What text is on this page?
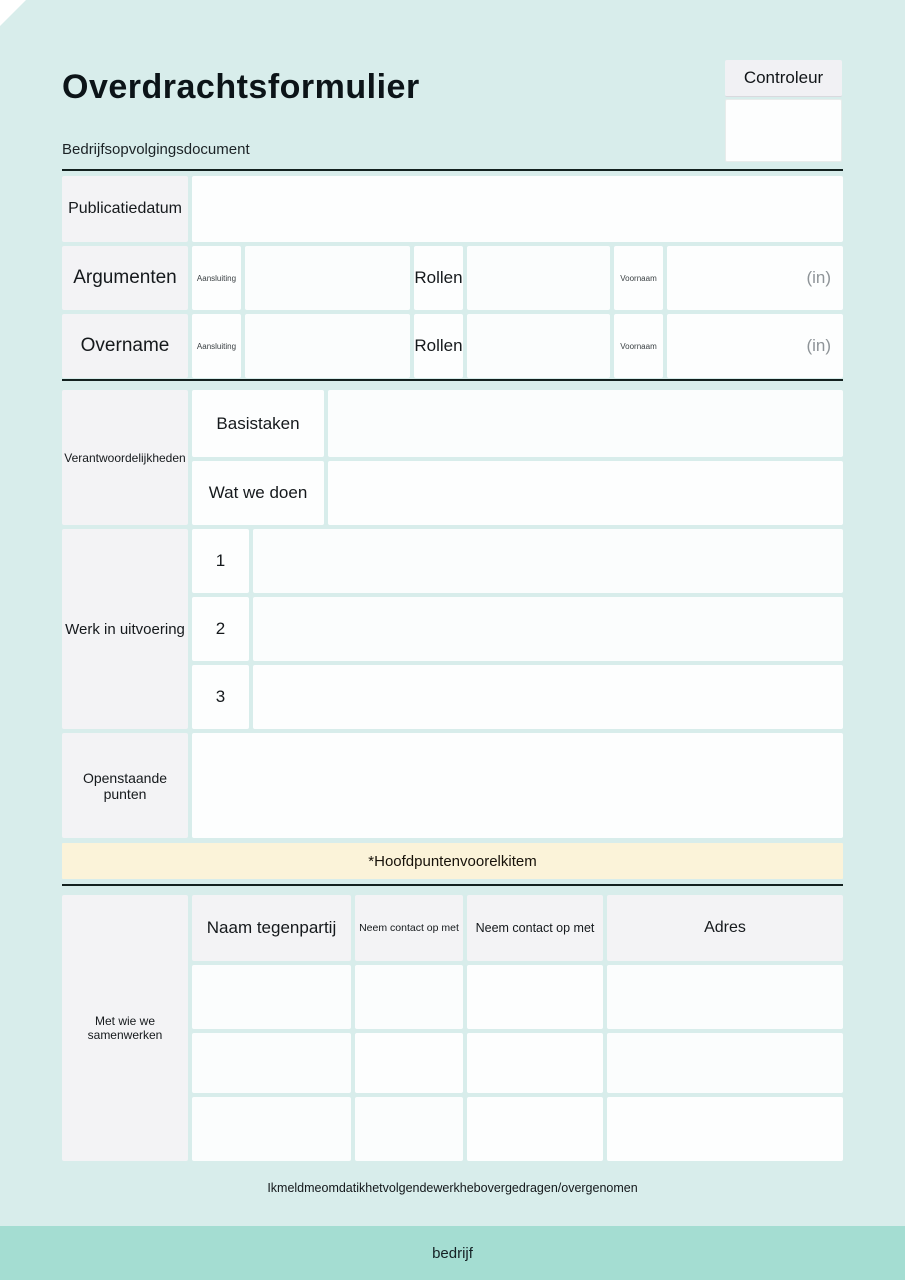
Overdrachtsformulier
Bedrijfsopvolgingsdocument
Controleur
Publicatiedatum
Argumenten	Aansluiting	Rollen	Voornaam	(in)
Overname	Aansluiting	Rollen	Voornaam	(in)
Verantwoordelijkheden
Basistaken
Wat we doen
Werk in uitvoering
1
2
3
Openstaande punten
*Hoofdpuntenvoorelkitem
Met wie we samenwerken
Naam tegenpartij	Neem contact op met	Neem contact op met	Adres
Ikmeldmeomdatikhetvolgendewerkhebovergedragen/overgenomen
bedrijf
